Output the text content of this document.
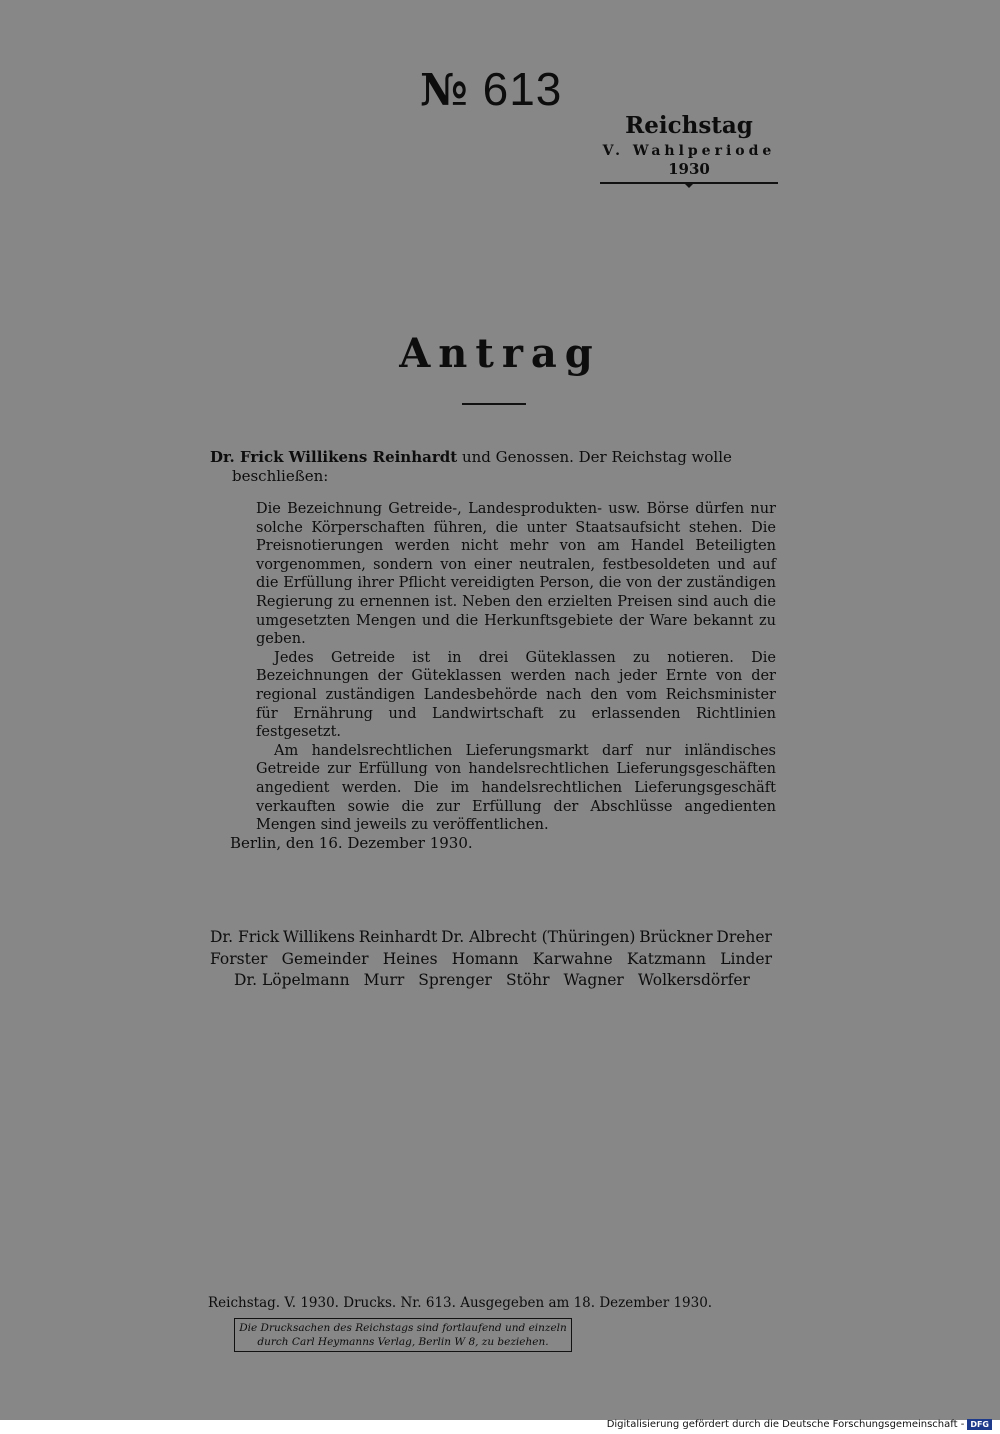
№ 613
Reichstag
V. Wahlperiode
1930
Antrag
Dr. Frick Willikens Reinhardt und Genossen. Der Reichstag wolle
beschließen:

Die Bezeichnung Getreide-, Landesprodukten- usw. Börse dürfen nur solche Körperschaften führen, die unter Staatsaufsicht stehen. Die Preisnotierungen werden nicht mehr von am Handel Beteiligten vorgenommen, sondern von einer neutralen, festbesoldeten und auf die Erfüllung ihrer Pflicht vereidigten Person, die von der zuständigen Regierung zu ernennen ist. Neben den erzielten Preisen sind auch die umgesetzten Mengen und die Herkunftsgebiete der Ware bekannt zu geben.

Jedes Getreide ist in drei Güteklassen zu notieren. Die Bezeichnungen der Güteklassen werden nach jeder Ernte von der regional zuständigen Landesbehörde nach den vom Reichsminister für Ernährung und Landwirtschaft zu erlassenden Richtlinien festgesetzt.

Am handelsrechtlichen Lieferungsmarkt darf nur inländisches Getreide zur Erfüllung von handelsrechtlichen Lieferungsgeschäften angedient werden. Die im handelsrechtlichen Lieferungsgeschäft verkauften sowie die zur Erfüllung der Abschlüsse angedienten Mengen sind jeweils zu veröffentlichen.

Berlin, den 16. Dezember 1930.
Dr. Frick Willikens Reinhardt Dr. Albrecht (Thüringen) Brückner Dreher
Forster Gemeinder Heines Homann Karwahne Katzmann Linder
Dr. Löpelmann Murr Sprenger Stöhr Wagner Wolkersdörfer
Reichstag. V. 1930. Drucks. Nr. 613. Ausgegeben am 18. Dezember 1930.
Die Drucksachen des Reichstags sind fortlaufend und einzeln
durch Carl Heymanns Verlag, Berlin W 8, zu beziehen.
Digitalisierung gefördert durch die Deutsche Forschungsgemeinschaft - DFG
